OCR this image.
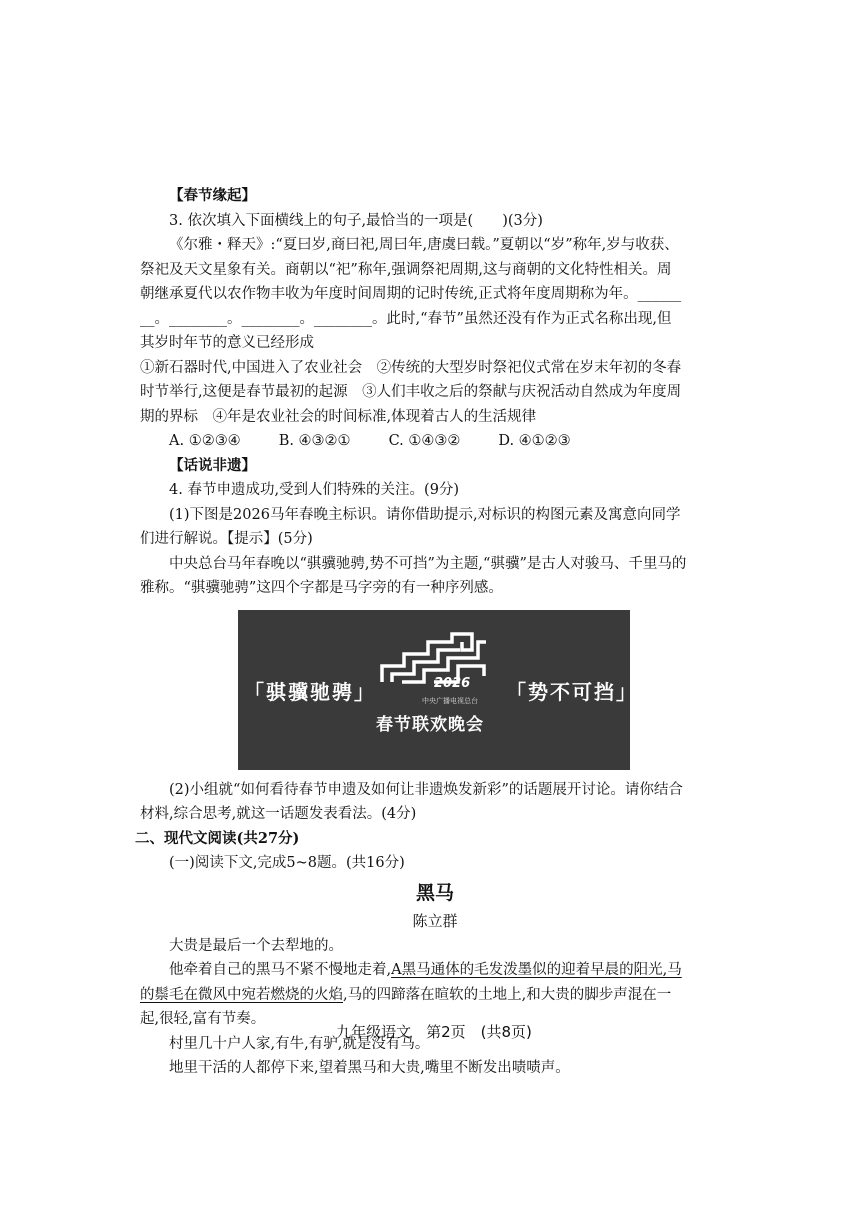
【春节缘起】
3. 依次填入下面横线上的句子,最恰当的一项是(　　)(3分)
《尔雅・释天》:“夏曰岁,商曰祀,周曰年,唐虞曰载。”夏朝以“岁”称年,岁与收获、
祭祀及天文星象有关。商朝以“祀”称年,强调祭祀周期,这与商朝的文化特性相关。周
朝继承夏代以农作物丰收为年度时间周期的记时传统,正式将年度周期称为年。______
__。________。________。________。此时,“春节”虽然还没有作为正式名称出现,但
其岁时年节的意义已经形成
①新石器时代,中国进入了农业社会　②传统的大型岁时祭祀仪式常在岁末年初的冬春
时节举行,这便是春节最初的起源　③人们丰收之后的祭献与庆祝活动自然成为年度周
期的界标　④年是农业社会的时间标准,体现着古人的生活规律
A. ①②③④	B. ④③②①	C. ①④③②	D. ④①②③
【话说非遗】
4. 春节申遗成功,受到人们特殊的关注。(9分)
(1)下图是2026马年春晚主标识。请你借助提示,对标识的构图元素及寓意向同学
们进行解说。【提示】(5分)
中央总台马年春晚以“骐骥驰骋,势不可挡”为主题,“骐骥”是古人对骏马、千里马的
雅称。“骐骥驰骋”这四个字都是马字旁的有一种序列感。
「骐骥驰骋」	2026
中央广播电视总台
春节联欢晚会
「势不可挡」
(2)小组就“如何看待春节申遗及如何让非遗焕发新彩”的话题展开讨论。请你结合
材料,综合思考,就这一话题发表看法。(4分)
二、现代文阅读(共27分)
(一)阅读下文,完成5~8题。(共16分)
黑马
陈立群
大贵是最后一个去犁地的。
他牵着自己的黑马不紧不慢地走着,A黑马通体的毛发泼墨似的迎着早晨的阳光,马
的鬃毛在微风中宛若燃烧的火焰,马的四蹄落在暄软的土地上,和大贵的脚步声混在一
起,很轻,富有节奏。
村里几十户人家,有牛,有驴,就是没有马。
地里干活的人都停下来,望着黑马和大贵,嘴里不断发出啧啧声。
九年级语文　第2页　(共8页)
